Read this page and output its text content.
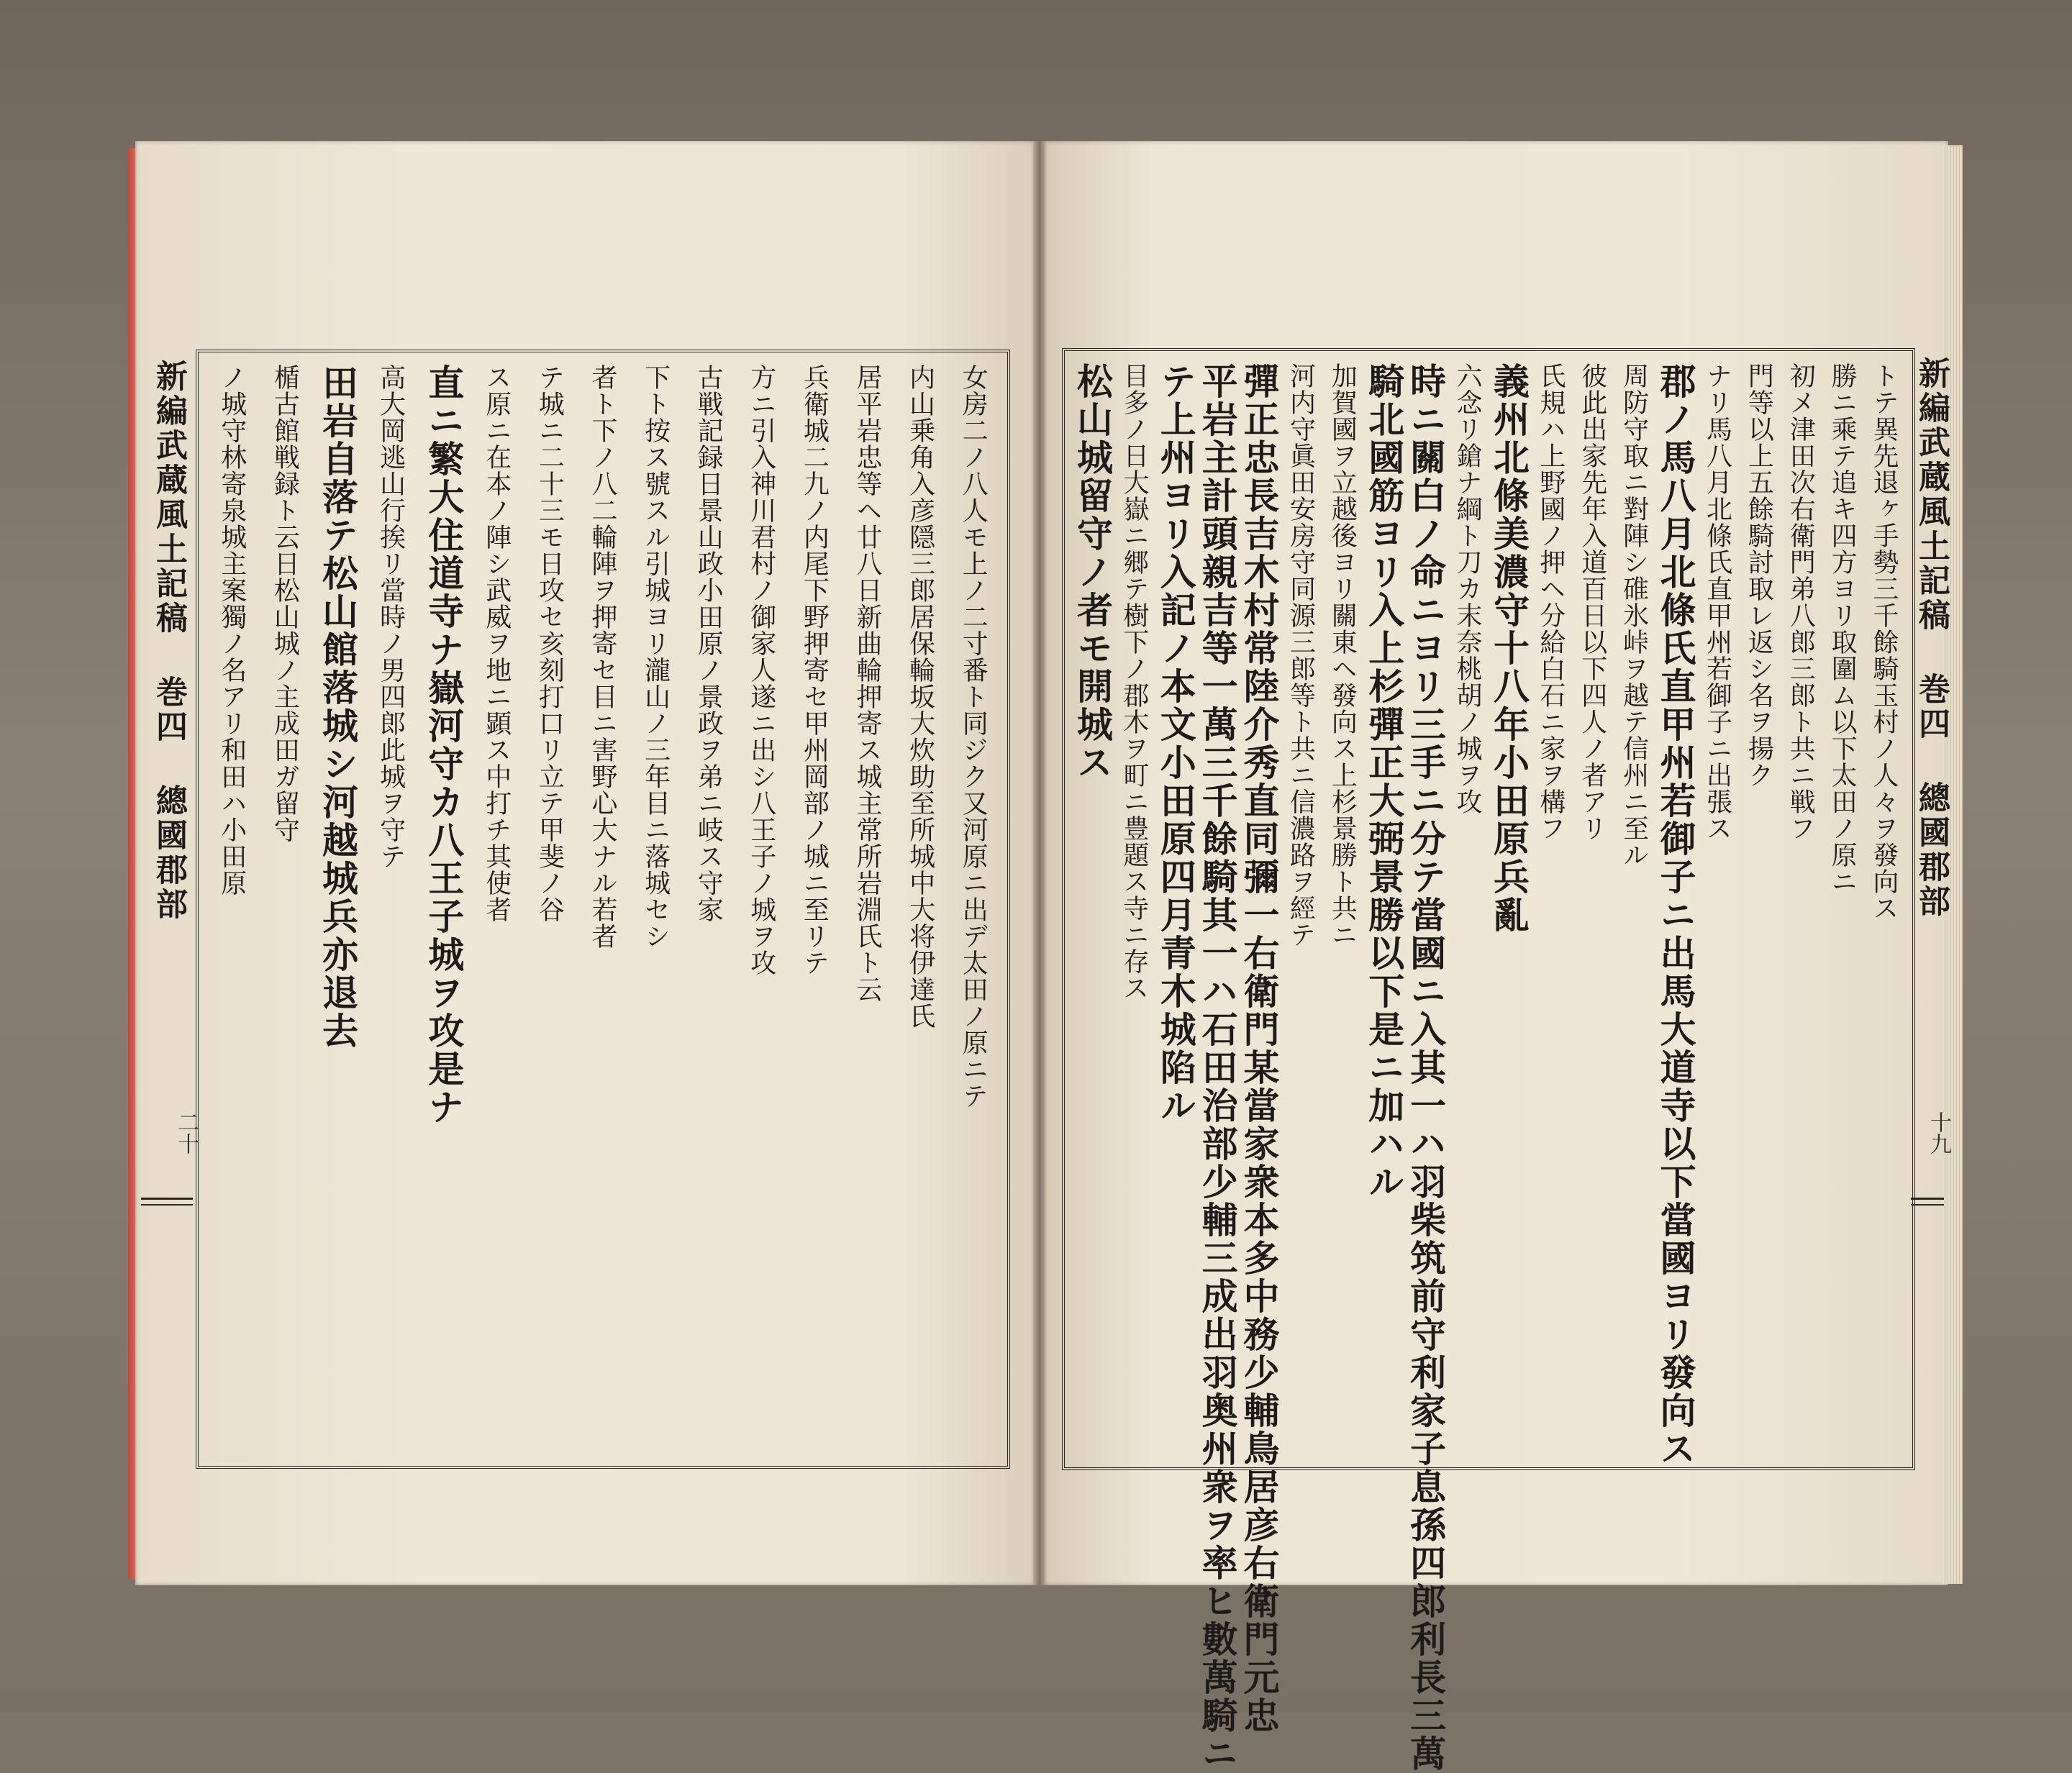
女房二ノ八人モ上ノ二寸番ト同ジク又河原ニ出デ太田ノ原ニテ
内山乗角入彦隠三郎居保輪坂大炊助至所城中大将伊達氏
居平岩忠等ヘ廿八日新曲輪押寄ス城主常所岩淵氏ト云
兵衛城二九ノ内尾下野押寄セ甲州岡部ノ城ニ至リテ
方ニ引入神川君村ノ御家人遂ニ出シ八王子ノ城ヲ攻
古戦記録日景山政小田原ノ景政ヲ弟ニ岐ス守家
下ト按ス號スル引城ヨリ瀧山ノ三年目ニ落城セシ
者ト下ノ八二輪陣ヲ押寄セ目ニ害野心大ナル若者
テ城ニ二十三モ日攻セ亥刻打口リ立テ甲斐ノ谷
ス原ニ在本ノ陣シ武威ヲ地ニ顕ス中打チ其使者
直ニ繁大住道寺ナ嶽河守カ八王子城ヲ攻是ナ
高大岡逃山行挨リ當時ノ男四郎此城ヲ守テ
田岩自落テ松山館落城シ河越城兵亦退去
楯古館戦録ト云日松山城ノ主成田ガ留守
ノ城守林寄泉城主案獨ノ名アリ和田ハ小田原	トテ異先退ヶ手勢三千餘騎玉村ノ人々ヲ發向ス
勝ニ乘テ追キ四方ヨリ取圍ム以下太田ノ原ニ
初メ津田次右衛門弟八郎三郎ト共ニ戦フ
門等以上五餘騎討取レ返シ名ヲ揚ク
ナリ馬八月北條氏直甲州若御子ニ出張ス
郡ノ馬八月北條氏直甲州若御子ニ出馬大道寺以下當國ヨリ發向ス
周防守取ニ對陣シ碓氷峠ヲ越テ信州ニ至ル
彼此出家先年入道百日以下四人ノ者アリ
氏規ハ上野國ノ押ヘ分給白石ニ家ヲ構フ
義州北條美濃守十八年小田原兵亂
六念リ鎗ナ綱ト刀カ末奈桃胡ノ城ヲ攻
時ニ關白ノ命ニヨリ三手ニ分テ當國ニ入其一ハ羽柴筑前守利家子息孫四郎利長三萬
騎北國筋ヨリ入上杉彈正大弼景勝以下是ニ加ハル
加賀國ヲ立越後ヨリ關東ヘ發向ス上杉景勝ト共ニ
河内守眞田安房守同源三郎等ト共ニ信濃路ヲ經テ
彈正忠長吉木村常陸介秀直同彌一右衛門某當家衆本多中務少輔鳥居彦右衛門元忠
平岩主計頭親吉等一萬三千餘騎其一ハ石田治部少輔三成出羽奥州衆ヲ率ヒ數萬騎ニ
テ上州ヨリ入記ノ本文小田原四月青木城陷ル
目多ノ日大嶽ニ郷テ樹下ノ郡木ヲ町ニ豊題ス寺ニ存ス
松山城留守ノ者モ開城ス
新編武蔵風土記稿 巻四 總國郡部	新編武蔵風土記稿 巻四 總國郡部
二十	十九
